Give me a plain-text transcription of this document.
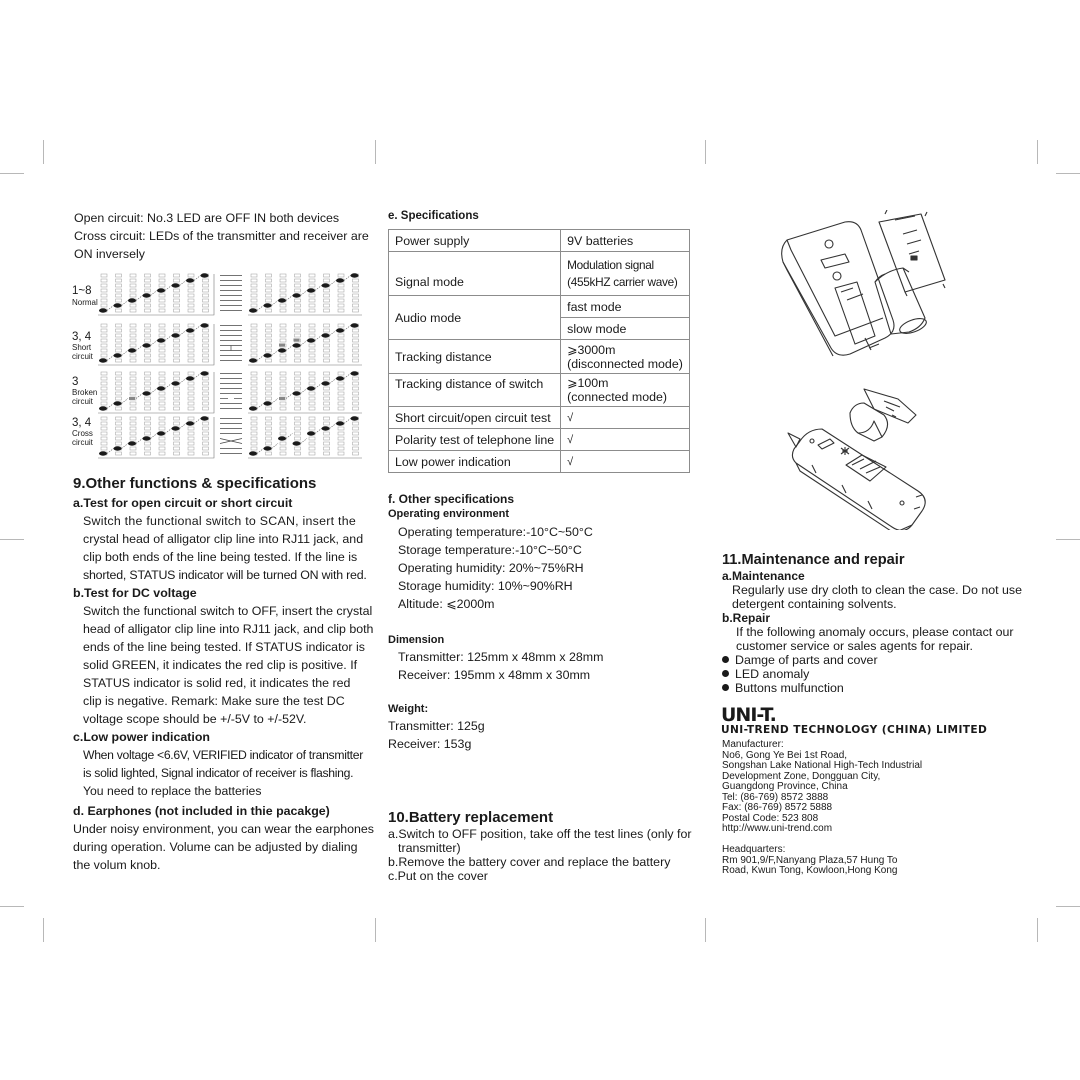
Open circuit: No.3 LED are OFF IN both devices
Cross circuit: LEDs of the transmitter and receiver are
ON inversely
1~8
Normal
3, 4
Short
circuit
3
Broken
circuit
3, 4
Cross
circuit
9.Other functions & specifications
a.Test for open circuit or short circuit
Switch the functional switch to SCAN, insert the
crystal head of alligator clip line into RJ11 jack, and
clip both ends of the line being tested. If the line is
shorted, STATUS indicator will be turned ON with red.
b.Test for DC voltage
Switch the functional switch to OFF, insert the crystal
head of alligator clip line into RJ11 jack, and clip both
ends of the line being tested. If STATUS indicator is
solid GREEN, it indicates the red clip is positive. If
STATUS indicator is solid red, it indicates the red
clip is negative. Remark: Make sure the test DC
voltage scope should be +/-5V to +/-52V.
c.Low power indication
When voltage <6.6V, VERIFIED indicator of transmitter
is solid lighted, Signal indicator of receiver is flashing.
You need to replace the batteries
d. Earphones (not included in thie pacakge)
Under noisy environment, you can wear the earphones
during operation. Volume can be adjusted by dialing
the volum knob.
e. Specifications
Power supply	9V batteries
Signal mode	Modulation signal
(455kHZ carrier wave)

Audio mode	fast mode
	slow mode
Tracking distance	⩾3000m
(disconnected mode)

Tracking distance of switch	⩾100m
(connected mode)

Short circuit/open circuit test	√
Polarity test of telephone line	√
Low power indication	√
f. Other specifications
Operating environment
Operating temperature:-10°C~50°C
Storage temperature:-10°C~50°C
Operating humidity: 20%~75%RH
Storage humidity: 10%~90%RH
Altitude: ⩽2000m
Dimension
Transmitter: 125mm x 48mm x 28mm
Receiver: 195mm x 48mm x 30mm
Weight:
Transmitter: 125g
Receiver: 153g
10.Battery replacement
a.Switch to OFF position, take off the test lines (only for
transmitter)
b.Remove the battery cover and replace the battery
c.Put on the cover
11.Maintenance and repair
a.Maintenance
Regularly use dry cloth to clean the case. Do not use
detergent containing solvents.
b.Repair
If the following anomaly occurs, please contact our
customer service or sales agents for repair.
Damge of parts and cover
LED anomaly
Buttons mulfunction
UNI-T.
UNI-TREND TECHNOLOGY (CHINA) LIMITED
Manufacturer:
No6, Gong Ye Bei 1st Road,
Songshan Lake National High-Tech Industrial
Development Zone, Dongguan City,
Guangdong Province, China
Tel: (86-769) 8572 3888
Fax: (86-769) 8572 5888
Postal Code: 523 808
http://www.uni-trend.com
Headquarters:
Rm 901,9/F,Nanyang Plaza,57 Hung To
Road, Kwun Tong, Kowloon,Hong Kong
